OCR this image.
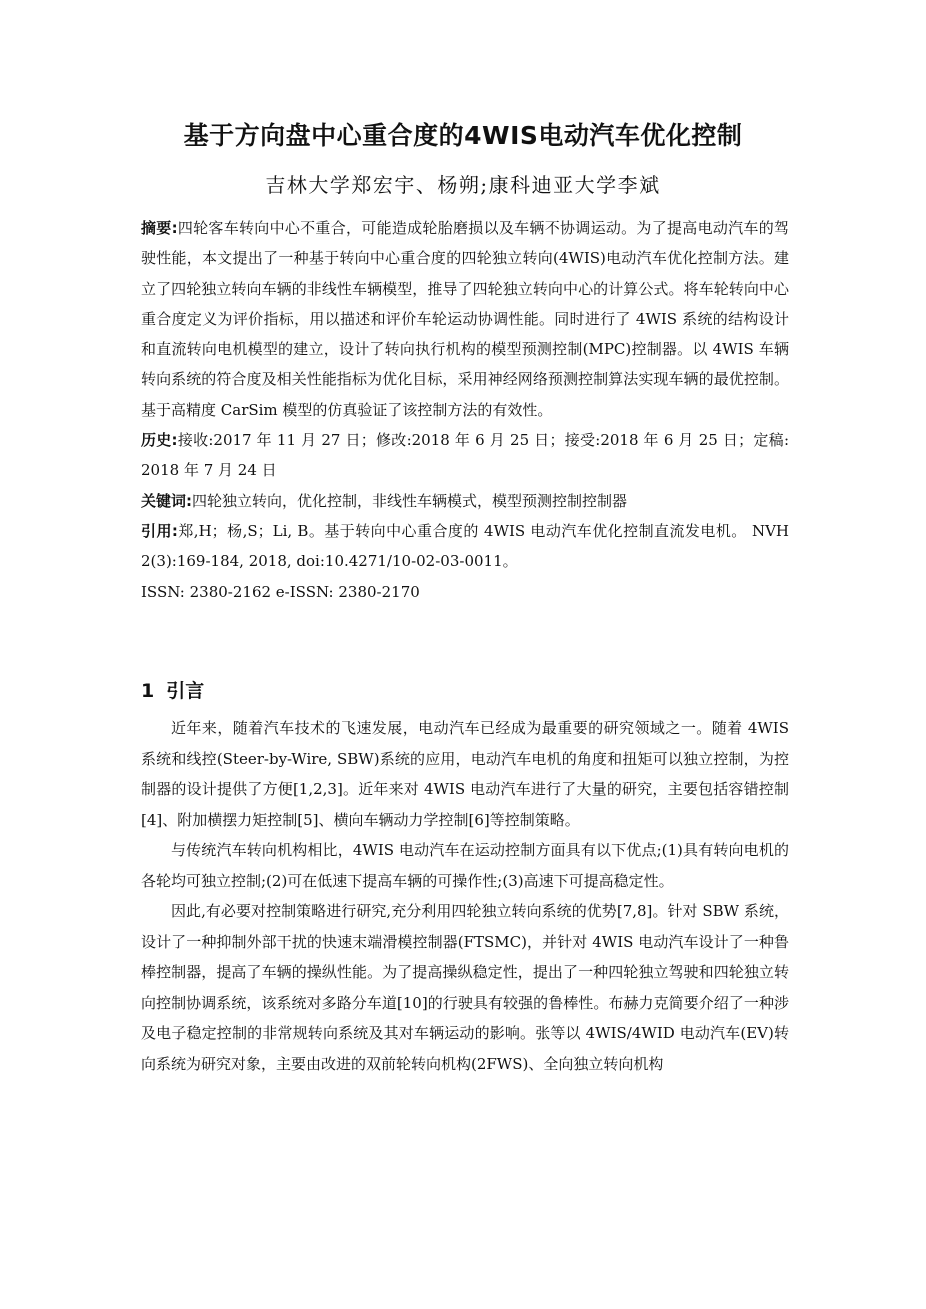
基于方向盘中心重合度的4WIS电动汽车优化控制
吉林大学郑宏宇、杨朔;康科迪亚大学李斌

摘要:四轮客车转向中心不重合，可能造成轮胎磨损以及车辆不协调运动。为了提高电动汽车的驾驶性能，本文提出了一种基于转向中心重合度的四轮独立转向(4WIS)电动汽车优化控制方法。建立了四轮独立转向车辆的非线性车辆模型，推导了四轮独立转向中心的计算公式。将车轮转向中心重合度定义为评价指标，用以描述和评价车轮运动协调性能。同时进行了 4WIS 系统的结构设计和直流转向电机模型的建立，设计了转向执行机构的模型预测控制(MPC)控制器。以 4WIS 车辆转向系统的符合度及相关性能指标为优化目标，采用神经网络预测控制算法实现车辆的最优控制。基于高精度 CarSim 模型的仿真验证了该控制方法的有效性。

历史:接收:2017 年 11 月 27 日；修改:2018 年 6 月 25 日；接受:2018 年 6 月 25 日；定稿: 2018 年 7 月 24 日

关键词:四轮独立转向，优化控制，非线性车辆模式，模型预测控制控制器

引用:郑,H；杨,S；Li, B。基于转向中心重合度的 4WIS 电动汽车优化控制直流发电机。 NVH 2(3):169-184, 2018, doi:10.4271/10-02-03-0011。

ISSN: 2380-2162 e-ISSN: 2380-2170

1 引言

近年来，随着汽车技术的飞速发展，电动汽车已经成为最重要的研究领域之一。随着 4WIS 系统和线控(Steer-by-Wire, SBW)系统的应用，电动汽车电机的角度和扭矩可以独立控制，为控制器的设计提供了方便[1,2,3]。近年来对 4WIS 电动汽车进行了大量的研究，主要包括容错控制[4]、附加横摆力矩控制[5]、横向车辆动力学控制[6]等控制策略。

与传统汽车转向机构相比，4WIS 电动汽车在运动控制方面具有以下优点;(1)具有转向电机的各轮均可独立控制;(2)可在低速下提高车辆的可操作性;(3)高速下可提高稳定性。

因此,有必要对控制策略进行研究,充分利用四轮独立转向系统的优势[7,8]。针对 SBW 系统，设计了一种抑制外部干扰的快速末端滑模控制器(FTSMC)，并针对 4WIS 电动汽车设计了一种鲁棒控制器，提高了车辆的操纵性能。为了提高操纵稳定性，提出了一种四轮独立驾驶和四轮独立转向控制协调系统，该系统对多路分车道[10]的行驶具有较强的鲁棒性。布赫力克简要介绍了一种涉及电子稳定控制的非常规转向系统及其对车辆运动的影响。张等以 4WIS/4WID 电动汽车(EV)转向系统为研究对象，主要由改进的双前轮转向机构(2FWS)、全向独立转向机构
